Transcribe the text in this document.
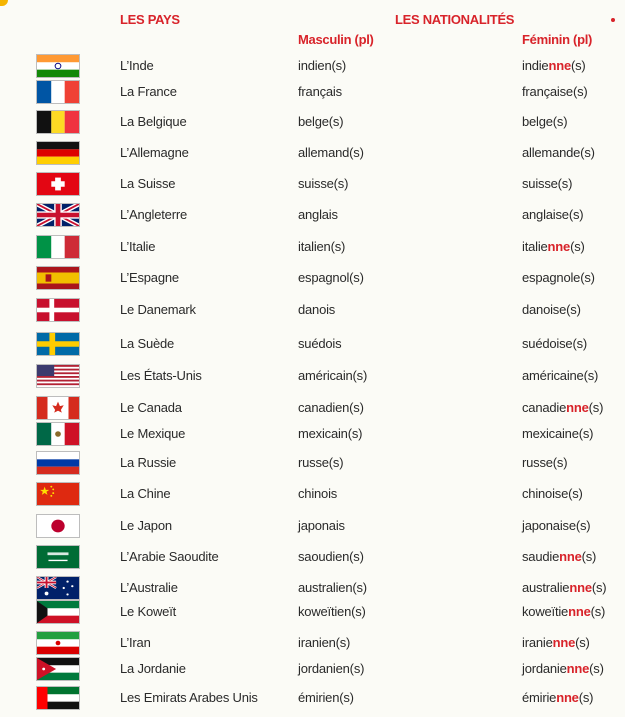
LES PAYS	LES NATIONALITÉS
Masculin (pl)	Féminin (pl)
L’Inde	indien(s)	indienne(s)
La France	français	française(s)
La Belgique	belge(s)	belge(s)
L’Allemagne	allemand(s)	allemande(s)
La Suisse	suisse(s)	suisse(s)
L’Angleterre	anglais	anglaise(s)
L’Italie	italien(s)	italienne(s)
L’Espagne	espagnol(s)	espagnole(s)
Le Danemark	danois	danoise(s)
La Suède	suédois	suédoise(s)
Les États-Unis	américain(s)	américaine(s)
Le Canada	canadien(s)	canadienne(s)
Le Mexique	mexicain(s)	mexicaine(s)
La Russie	russe(s)	russe(s)
La Chine	chinois	chinoise(s)
Le Japon	japonais	japonaise(s)
L’Arabie Saoudite	saoudien(s)	saudienne(s)
L’Australie	australien(s)	australienne(s)
Le Koweït	koweïtien(s)	koweïtienne(s)
L’Iran	iranien(s)	iranienne(s)
La Jordanie	jordanien(s)	jordanienne(s)
Les Emirats Arabes Unis	émirien(s)	émirienne(s)
